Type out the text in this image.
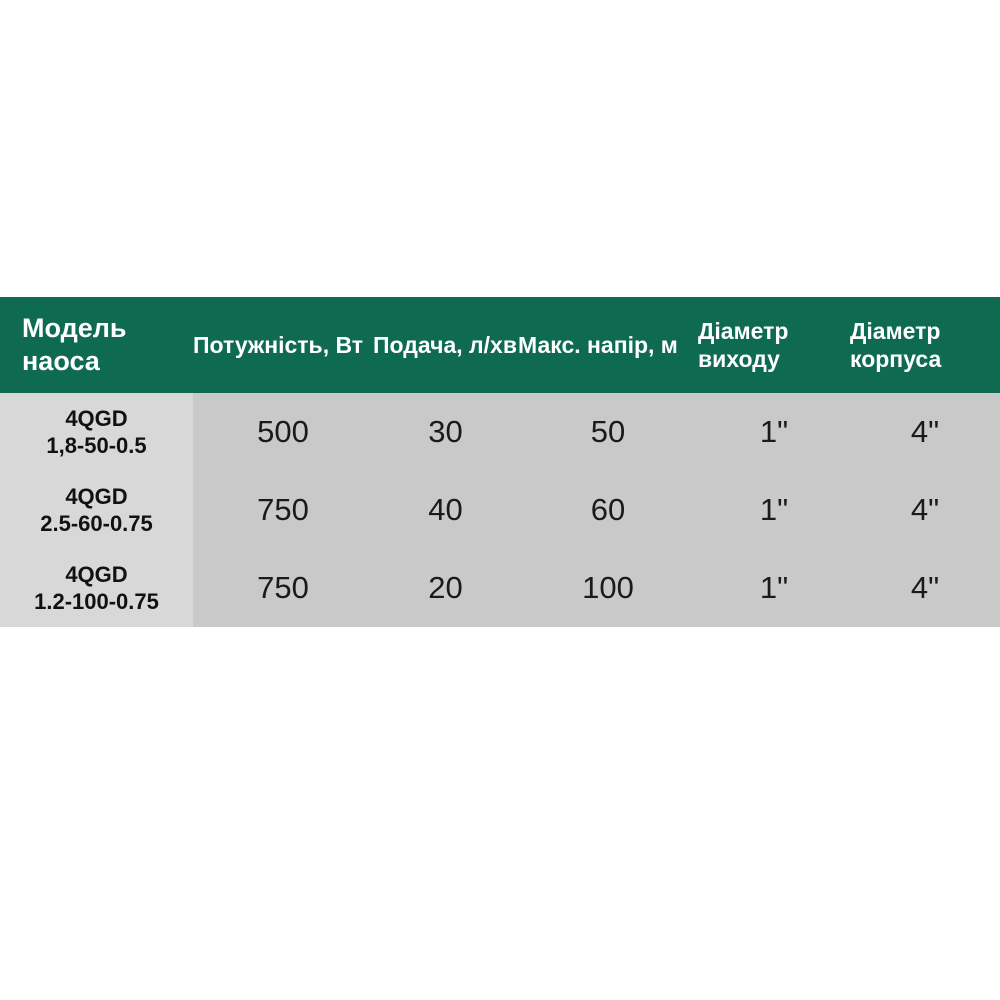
Модель наоса	Потужність, Вт	Подача, л/хв	Макс. напір, м	Діаметр виходу	Діаметр корпуса

4QGD
1,8-50-0.5	500	30	50	1"	4"

4QGD
2.5-60-0.75	750	40	60	1"	4"

4QGD
1.2-100-0.75	750	20	100	1"	4"
